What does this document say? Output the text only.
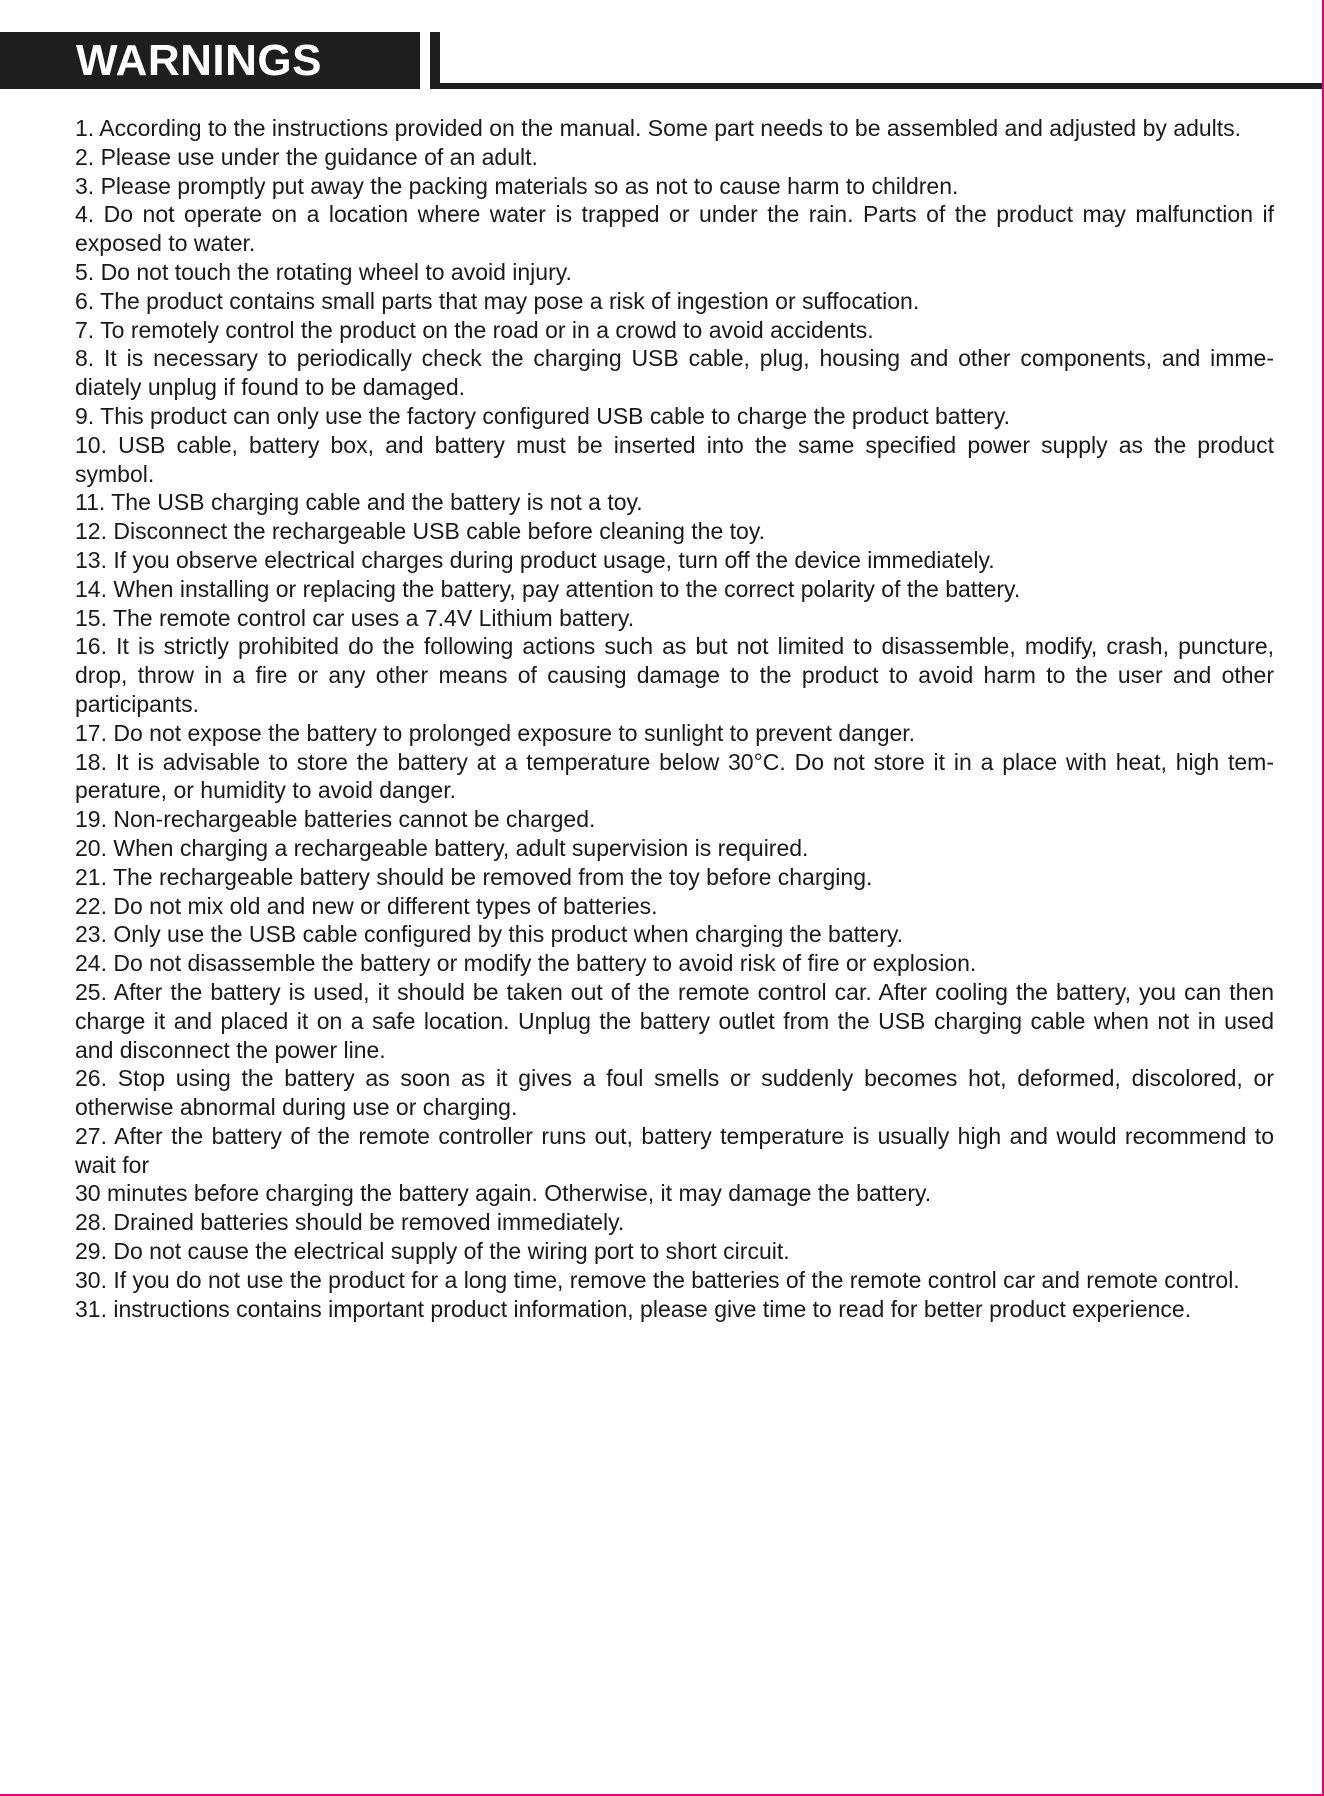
WARNINGS

1. According to the instructions provided on the manual. Some part needs to be assembled and adjusted by adults.

2. Please use under the guidance of an adult.

3. Please promptly put away the packing materials so as not to cause harm to children.

4. Do not operate on a location where water is trapped or under the rain. Parts of the product may malfunction if exposed to water.

5. Do not touch the rotating wheel to avoid injury.

6. The product contains small parts that may pose a risk of ingestion or suffocation.

7. To remotely control the product on the road or in a crowd to avoid accidents.

8. It is necessary to periodically check the charging USB cable, plug, housing and other components, and imme-diately unplug if found to be damaged.

9. This product can only use the factory configured USB cable to charge the product battery.

10. USB cable, battery box, and battery must be inserted into the same specified power supply as the product symbol.

11. The USB charging cable and the battery is not a toy.

12. Disconnect the rechargeable USB cable before cleaning the toy.

13. If you observe electrical charges during product usage, turn off the device immediately.

14. When installing or replacing the battery, pay attention to the correct polarity of the battery.

15. The remote control car uses a 7.4V Lithium battery.

16. It is strictly prohibited do the following actions such as but not limited to disassemble, modify, crash, puncture, drop, throw in a fire or any other means of causing damage to the product to avoid harm to the user and other participants.

17. Do not expose the battery to prolonged exposure to sunlight to prevent danger.

18. It is advisable to store the battery at a temperature below 30°C. Do not store it in a place with heat, high tem-perature, or humidity to avoid danger.

19. Non-rechargeable batteries cannot be charged.

20. When charging a rechargeable battery, adult supervision is required.

21. The rechargeable battery should be removed from the toy before charging.

22. Do not mix old and new or different types of batteries.

23. Only use the USB cable configured by this product when charging the battery.

24. Do not disassemble the battery or modify the battery to avoid risk of fire or explosion.

25. After the battery is used, it should be taken out of the remote control car. After cooling the battery, you can then charge it and placed it on a safe location. Unplug the battery outlet from the USB charging cable when not in used and disconnect the power line.

26. Stop using the battery as soon as it gives a foul smells or suddenly becomes hot, deformed, discolored, or otherwise abnormal during use or charging.

27. After the battery of the remote controller runs out, battery temperature is usually high and would recommend to wait for

30 minutes before charging the battery again. Otherwise, it may damage the battery.

28. Drained batteries should be removed immediately.

29. Do not cause the electrical supply of the wiring port to short circuit.

30. If you do not use the product for a long time, remove the batteries of the remote control car and remote control.

31. instructions contains important product information, please give time to read for better product experience.
